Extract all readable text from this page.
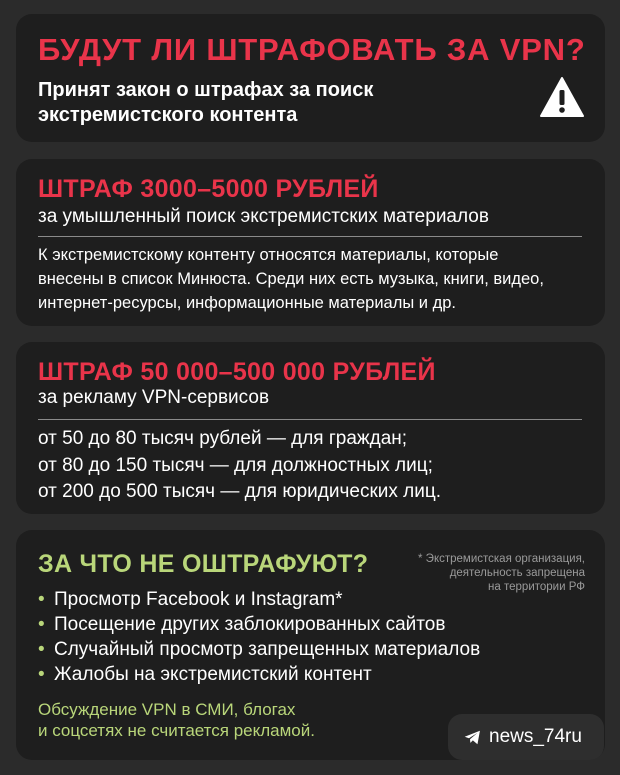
БУДУТ ЛИ ШТРАФОВАТЬ ЗА VPN?
Принят закон о штрафах за поиск
экстремистского контента
ШТРАФ 3000–5000 РУБЛЕЙ
за умышленный поиск экстремистских материалов
К экстремистскому контенту относятся материалы, которые
внесены в список Минюста. Среди них есть музыка, книги, видео,
интернет-ресурсы, информационные материалы и др.
ШТРАФ 50 000–500 000 РУБЛЕЙ
за рекламу VPN-сервисов
от 50 до 80 тысяч рублей — для граждан;
от 80 до 150 тысяч — для должностных лиц;
от 200 до 500 тысяч — для юридических лиц.
ЗА ЧТО НЕ ОШТРАФУЮТ?	* Экстремистская организация,
деятельность запрещена
на территории РФ
• Просмотр Facebook и Instagram*
• Посещение других заблокированных сайтов
• Случайный просмотр запрещенных материалов
• Жалобы на экстремистский контент
Обсуждение VPN в СМИ, блогах
и соцсетях не считается рекламой.	news_74ru
